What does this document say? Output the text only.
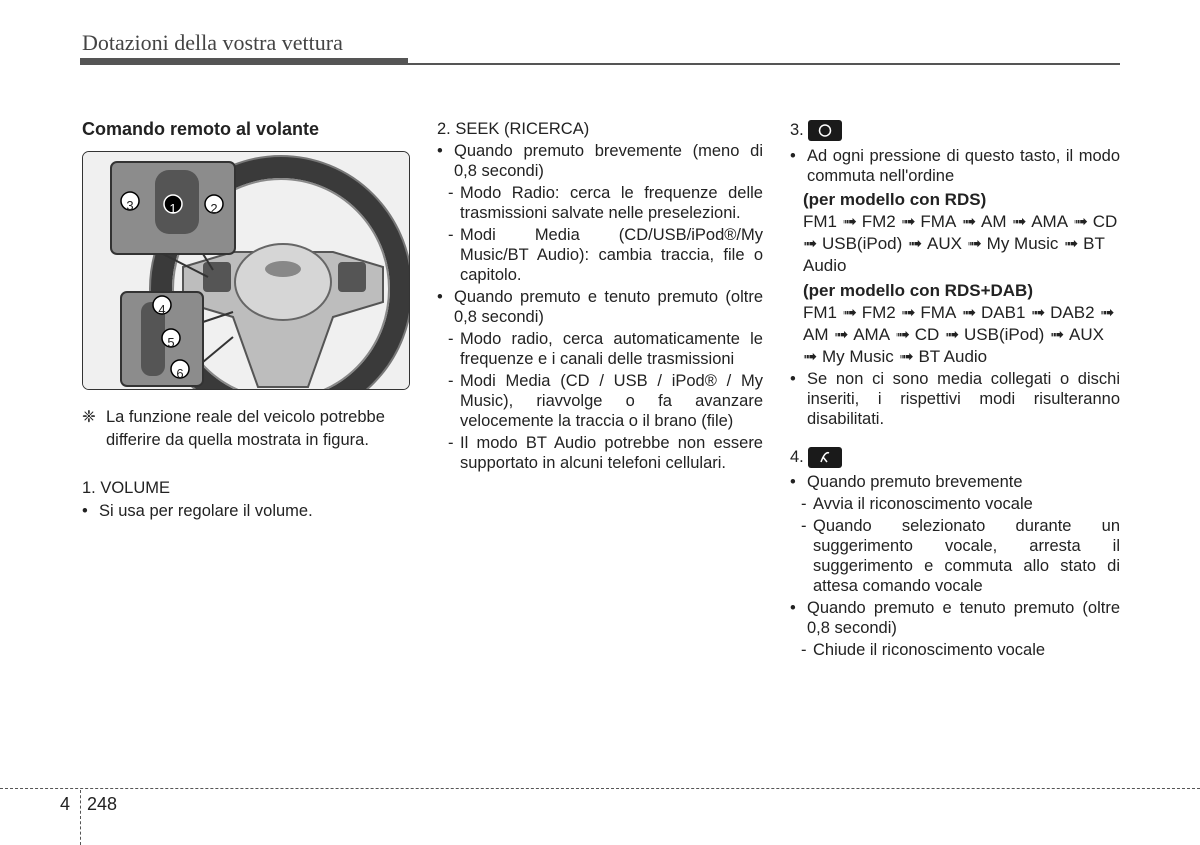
Dotazioni della vostra vettura
Comando remoto al volante
3	1	2
4
5
6
❈ La funzione reale del veicolo potrebbe differire da quella mostrata in figura.

1. VOLUME

• Si usa per regolare il volume.

2. SEEK (RICERCA)

• Quando premuto brevemente (meno di 0,8 secondi)
- Modo Radio: cerca le frequenze delle trasmissioni salvate nelle preselezioni.
- Modi Media (CD/USB/iPod®/My Music/BT Audio): cambia traccia, file o capitolo.
• Quando premuto e tenuto premuto (oltre 0,8 secondi)
- Modo radio, cerca automaticamente le frequenze e i canali delle trasmissioni
- Modi Media (CD / USB / iPod® / My Music), riavvolge o fa avanzare velocemente la traccia o il brano (file)
- Il modo BT Audio potrebbe non essere supportato in alcuni telefoni cellulari.
3.
• Ad ogni pressione di questo tasto, il modo commuta nell'ordine
(per modello con RDS)
FM1 ➟ FM2 ➟ FMA ➟ AM ➟ AMA ➟ CD ➟ USB(iPod) ➟ AUX ➟ My Music ➟ BT Audio
(per modello con RDS+DAB)
FM1 ➟ FM2 ➟ FMA ➟ DAB1 ➟ DAB2 ➟ AM ➟ AMA ➟ CD ➟ USB(iPod) ➟ AUX ➟ My Music ➟ BT Audio
• Se non ci sono media collegati o dischi inseriti, i rispettivi modi risulteranno disabilitati.
4.
• Quando premuto brevemente
- Avvia il riconoscimento vocale
- Quando selezionato durante un suggerimento vocale, arresta il suggerimento e commuta allo stato di attesa comando vocale
• Quando premuto e tenuto premuto (oltre 0,8 secondi)
- Chiude il riconoscimento vocale
4 248
